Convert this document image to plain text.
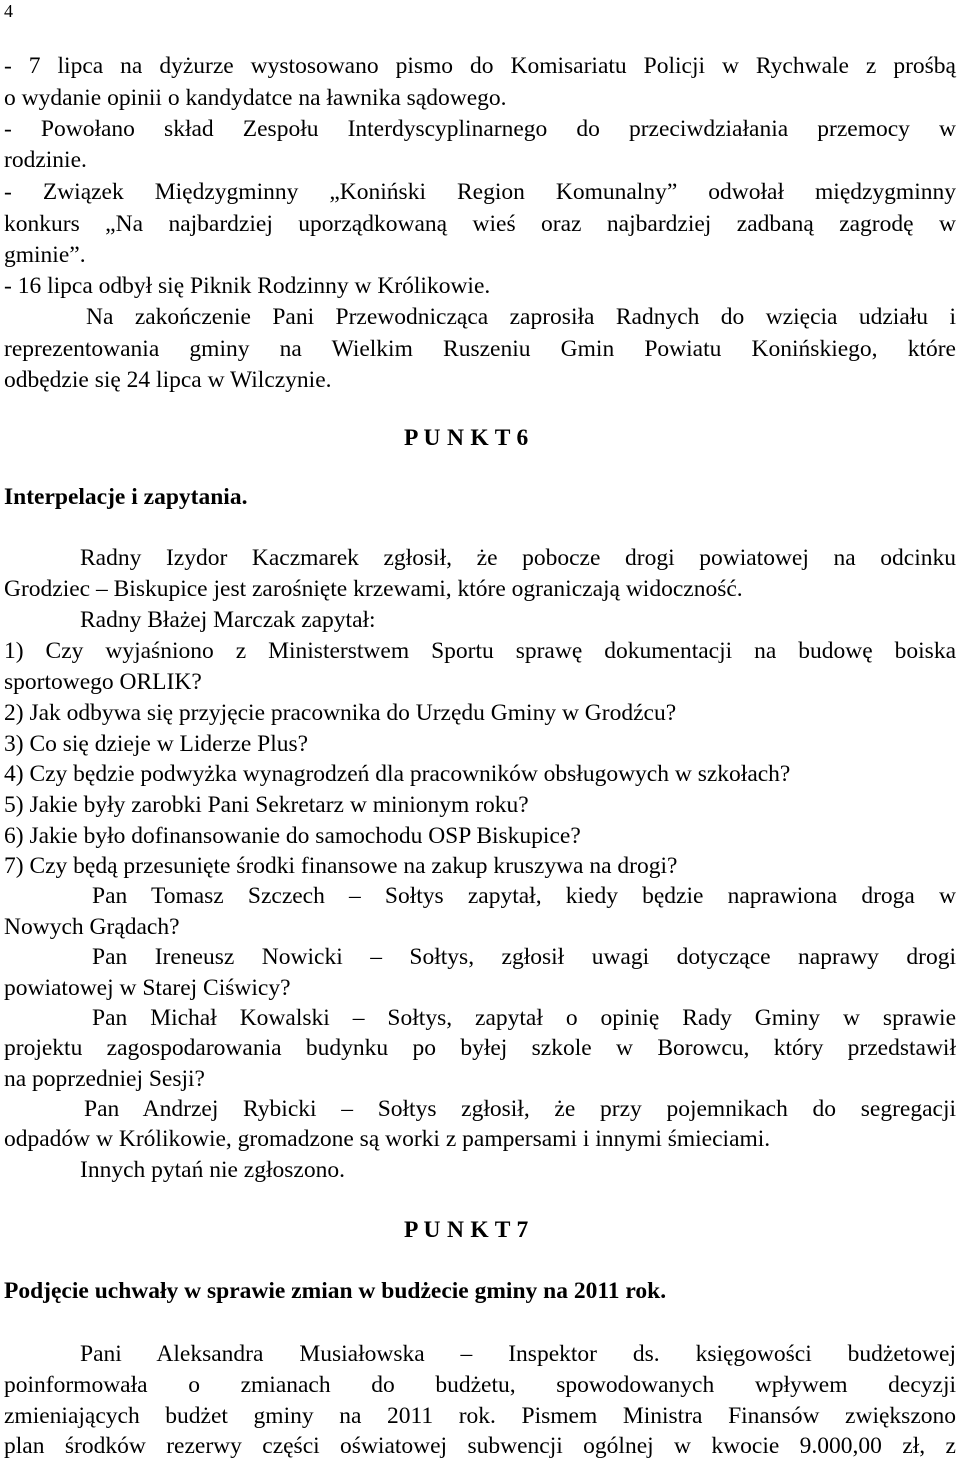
4
- 7 lipca na dyżurze wystosowano pismo do Komisariatu Policji w Rychwale z prośbą
o wydanie opinii o kandydatce na ławnika sądowego.
- Powołano skład Zespołu Interdyscyplinarnego do przeciwdziałania przemocy w
rodzinie.
- Związek Międzygminny „Koniński Region Komunalny” odwołał międzygminny
konkurs „Na najbardziej uporządkowaną wieś oraz najbardziej zadbaną zagrodę w
gminie”.
- 16 lipca odbył się Piknik Rodzinny w Królikowie.
Na zakończenie Pani Przewodnicząca zaprosiła Radnych do wzięcia udziału i
reprezentowania gminy na Wielkim Ruszeniu Gmin Powiatu Konińskiego, które
odbędzie się 24 lipca w Wilczynie.
P U N K T 6
Interpelacje i zapytania.
Radny Izydor Kaczmarek zgłosił, że pobocze drogi powiatowej na odcinku
Grodziec – Biskupice jest zarośnięte krzewami, które ograniczają widoczność.
Radny Błażej Marczak zapytał:
1) Czy wyjaśniono z Ministerstwem Sportu sprawę dokumentacji na budowę boiska
sportowego ORLIK?
2) Jak odbywa się przyjęcie pracownika do Urzędu Gminy w Grodźcu?
3) Co się dzieje w Liderze Plus?
4) Czy będzie podwyżka wynagrodzeń dla pracowników obsługowych w szkołach?
5) Jakie były zarobki Pani Sekretarz w minionym roku?
6) Jakie było dofinansowanie do samochodu OSP Biskupice?
7) Czy będą przesunięte środki finansowe na zakup kruszywa na drogi?
Pan Tomasz Szczech – Sołtys zapytał, kiedy będzie naprawiona droga w
Nowych Grądach?
Pan Ireneusz Nowicki – Sołtys, zgłosił uwagi dotyczące naprawy drogi
powiatowej w Starej Ciświcy?
Pan Michał Kowalski – Sołtys, zapytał o opinię Rady Gminy w sprawie
projektu zagospodarowania budynku po byłej szkole w Borowcu, który przedstawił
na poprzedniej Sesji?
Pan Andrzej Rybicki – Sołtys zgłosił, że przy pojemnikach do segregacji
odpadów w Królikowie, gromadzone są worki z pampersami i innymi śmieciami.
Innych pytań nie zgłoszono.
P U N K T 7
Podjęcie uchwały w sprawie zmian w budżecie gminy na 2011 rok.
Pani Aleksandra Musiałowska – Inspektor ds. księgowości budżetowej
poinformowała o zmianach do budżetu, spowodowanych wpływem decyzji
zmieniających budżet gminy na 2011 rok. Pismem Ministra Finansów zwiększono
plan środków rezerwy części oświatowej subwencji ogólnej w kwocie 9.000,00 zł, z
